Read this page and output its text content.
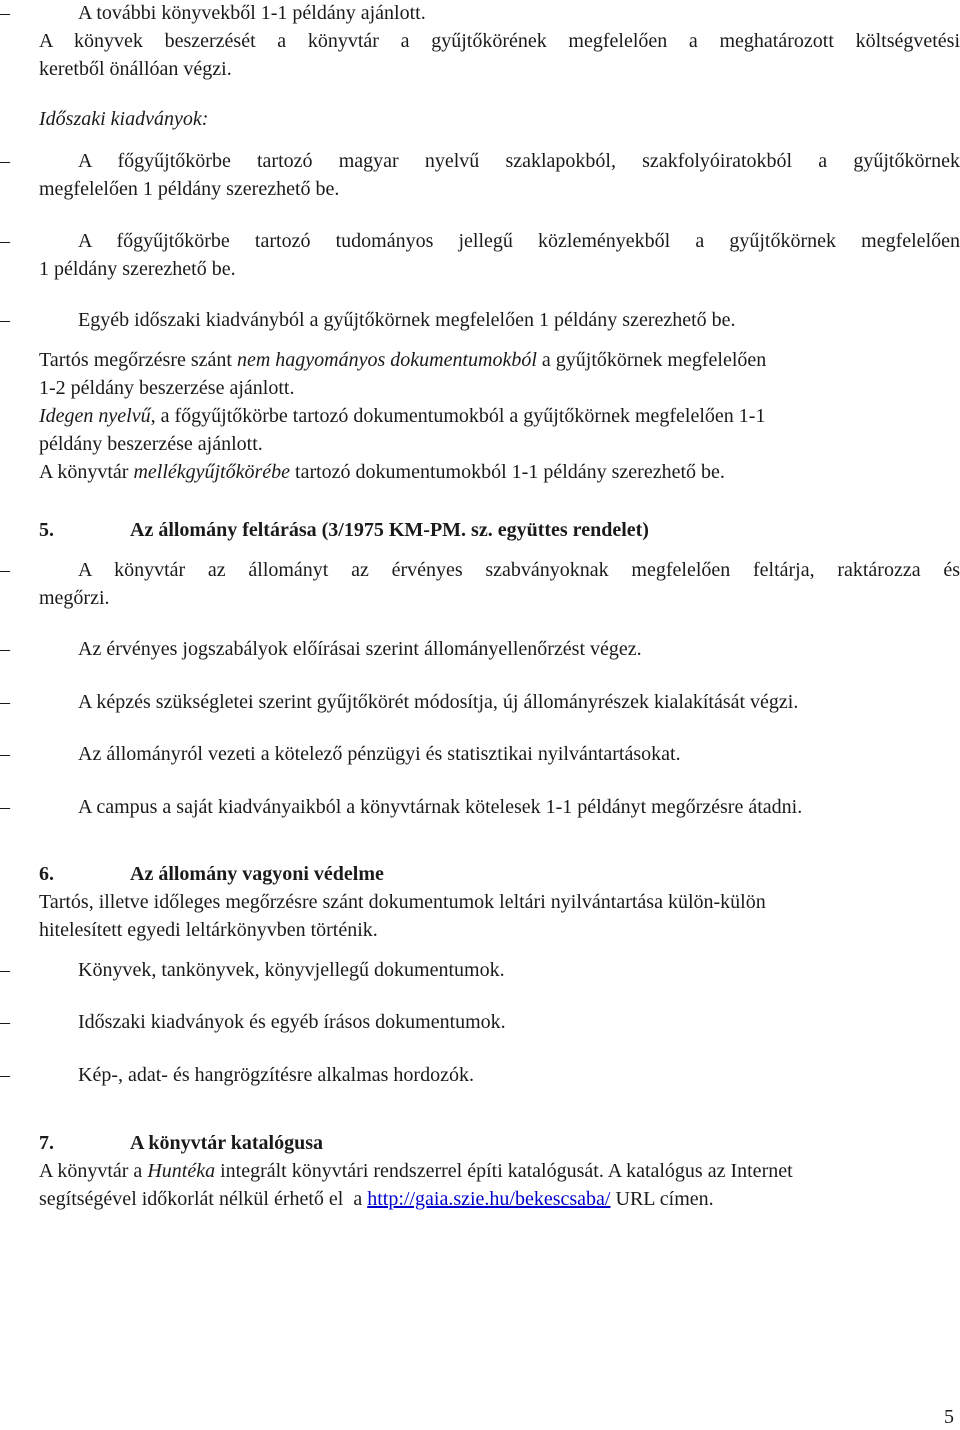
–	A további könyvekből 1-1 példány ajánlott.
A könyvek beszerzését a könyvtár a gyűjtőkörének megfelelően a meghatározott költségvetési
keretből önállóan végzi.
Időszaki kiadványok:
–	A főgyűjtőkörbe tartozó magyar nyelvű szaklapokból, szakfolyóiratokból a gyűjtőkörnek
megfelelően 1 példány szerezhető be.
–	A főgyűjtőkörbe tartozó tudományos jellegű közleményekből a gyűjtőkörnek megfelelően
1 példány szerezhető be.
–	Egyéb időszaki kiadványból a gyűjtőkörnek megfelelően 1 példány szerezhető be.
Tartós megőrzésre szánt nem hagyományos dokumentumokból a gyűjtőkörnek megfelelően
1-2 példány beszerzése ajánlott.
Idegen nyelvű, a főgyűjtőkörbe tartozó dokumentumokból a gyűjtőkörnek megfelelően 1-1
példány beszerzése ajánlott.
A könyvtár mellékgyűjtőkörébe tartozó dokumentumokból 1-1 példány szerezhető be.
5.	Az állomány feltárása (3/1975 KM-PM. sz. együttes rendelet)
–	A könyvtár az állományt az érvényes szabványoknak megfelelően feltárja, raktározza és
megőrzi.
–	Az érvényes jogszabályok előírásai szerint állományellenőrzést végez.
–	A képzés szükségletei szerint gyűjtőkörét módosítja, új állományrészek kialakítását végzi.
–	Az állományról vezeti a kötelező pénzügyi és statisztikai nyilvántartásokat.
–	A campus a saját kiadványaikból a könyvtárnak kötelesek 1-1 példányt megőrzésre átadni.
6.	Az állomány vagyoni védelme
Tartós, illetve időleges megőrzésre szánt dokumentumok leltári nyilvántartása külön-külön
hitelesített egyedi leltárkönyvben történik.
–	Könyvek, tankönyvek, könyvjellegű dokumentumok.
–	Időszaki kiadványok és egyéb írásos dokumentumok.
–	Kép-, adat- és hangrögzítésre alkalmas hordozók.
7.	A könyvtár katalógusa
A könyvtár a Huntéka integrált könyvtári rendszerrel építi katalógusát. A katalógus az Internet
segítségével időkorlát nélkül érhető el  a http://gaia.szie.hu/bekescsaba/ URL címen.
5
